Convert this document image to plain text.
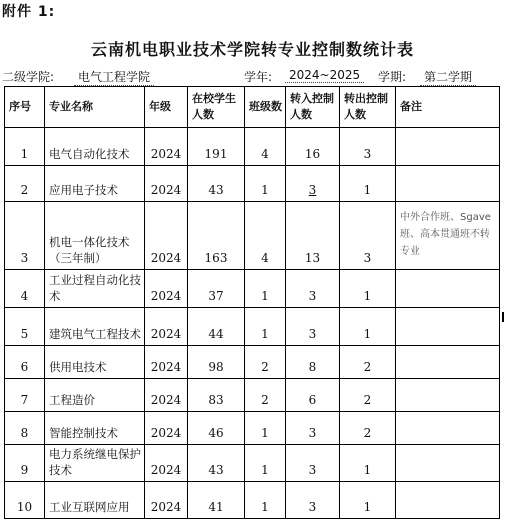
附件 1:
云南机电职业技术学院转专业控制数统计表
二级学院:	电气工程学院	学年:	2024~2025	学期:	第二学期
序号	专业名称	年级	在校学生人数	班级数	转入控制人数	转出控制人数	备注
1	电气自动化技术	2024	191	4	16	3	
2	应用电子技术	2024	43	1	3	1	
3	机电一体化技术（三年制）	2024	163	4	13	3	中外合作班、Sgave 班、高本贯通班不转专业
4	工业过程自动化技术	2024	37	1	3	1	
5	建筑电气工程技术	2024	44	1	3	1	
6	供用电技术	2024	98	2	8	2	
7	工程造价	2024	83	2	6	2	
8	智能控制技术	2024	46	1	3	2	
9	电力系统继电保护技术	2024	43	1	3	1	
10	工业互联网应用	2024	41	1	3	1	
